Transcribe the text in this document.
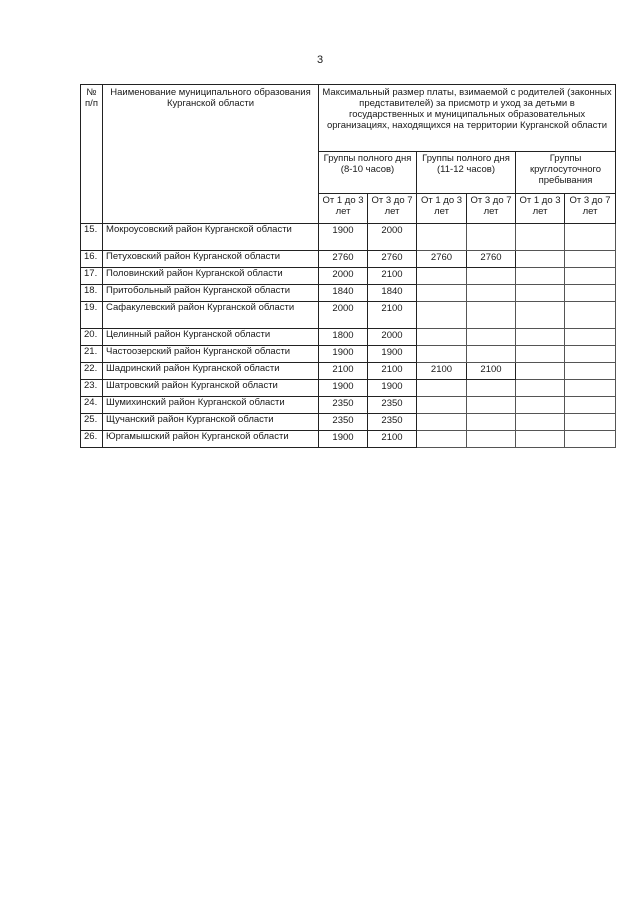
3
№ п/п	Наименование муниципального образования Курганской области	Максимальный размер платы, взимаемой с родителей (законных представителей) за присмотр и уход за детьми в государственных и муниципальных образовательных организациях, находящихся на территории Курганской области					
		Группы полного дня (8-10 часов)		Группы полного дня (11-12 часов)		Группы круглосуточного пребывания	
		От 1 до 3 лет	От 3 до 7 лет	От 1 до 3 лет	От 3 до 7 лет	От 1 до 3 лет	От 3 до 7 лет
15.	Мокроусовский район Курганской области	1900	2000				
16.	Петуховский район Курганской области	2760	2760	2760	2760		
17.	Половинский район Курганской области	2000	2100				
18.	Притобольный район Курганской области	1840	1840				
19.	Сафакулевский район Курганской области	2000	2100				
20.	Целинный район Курганской области	1800	2000				
21.	Частоозерский район Курганской области	1900	1900				
22.	Шадринский район Курганской области	2100	2100	2100	2100		
23.	Шатровский район Курганской области	1900	1900				
24.	Шумихинский район Курганской области	2350	2350				
25.	Щучанский район Курганской области	2350	2350				
26.	Юргамышский район Курганской области	1900	2100				
